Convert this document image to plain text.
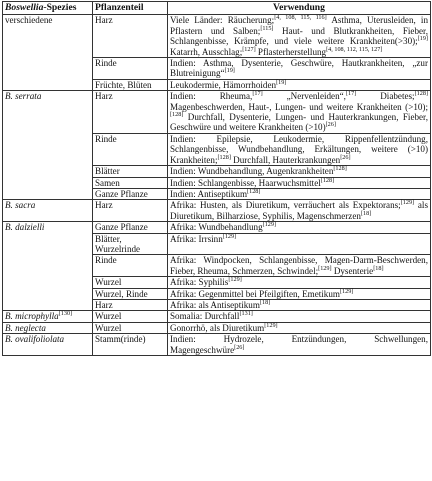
Boswellia-Spezies	Pflanzenteil	Verwendung
verschiedene	Harz	Viele Länder: Räucherung;[4, 108, 115, 116] Asthma, Uterusleiden, in Pflastern und Salben;[115] Haut- und Blutkrankheiten, Fieber, Schlangenbisse, Krämpfe, und viele weitere Krankheiten(>30);[19] Katarrh, Ausschlag;[127] Pflasterherstellung[4, 108, 112, 115, 127]
	Rinde	Indien: Asthma, Dysenterie, Geschwüre, Hautkrankheiten, „zur Blutreinigung“[19]
	Früchte, Blüten	Leukodermie, Hämorrhoiden[19]
B. serrata	Harz	Indien: Rheuma,[17] „Nervenleiden“,[17] Diabetes;[128] Magenbeschwerden, Haut-, Lungen- und weitere Krankheiten (>10);[128] Durchfall, Dysenterie, Lungen- und Hauterkrankungen, Fieber, Geschwüre und weitere Krankheiten (>10)[26]
	Rinde	Indien: Epilepsie, Leukodermie, Rippenfellentzündung, Schlangenbisse, Wundbehandlung, Erkältungen, weitere (>10) Krankheiten;[128] Durchfall, Hauterkrankungen[26]
	Blätter	Indien: Wundbehandlung, Augenkrankheiten[128]
	Samen	Indien: Schlangenbisse, Haarwuchsmittel[128]
	Ganze Pflanze	Indien: Antiseptikum[128]
B. sacra	Harz	Afrika: Husten, als Diuretikum, verräuchert als Expektorans;[129] als Diuretikum, Bilharziose, Syphilis, Magenschmerzen[18]
B. dalzielli	Ganze Pflanze	Afrika: Wundbehandlung[129]
	Blätter, Wurzelrinde	Afrika: Irrsinn[129]
	Rinde	Afrika: Windpocken, Schlangenbisse, Magen-Darm-Beschwerden, Fieber, Rheuma, Schmerzen, Schwindel;[129] Dysenterie[18]
	Wurzel	Afrika: Syphilis[129]
	Wurzel, Rinde	Afrika: Gegenmittel bei Pfeilgiften, Emetikum[129]
	Harz	Afrika: als Antiseptikum[18]
B. microphylla[130]	Wurzel	Somalia: Durchfall[131]
B. neglecta	Wurzel	Gonorrhö, als Diuretikum[129]
B. ovalifoliolata	Stamm(rinde)	Indien: Hydrozele, Entzündungen, Schwellungen, Magengeschwüre[26]
